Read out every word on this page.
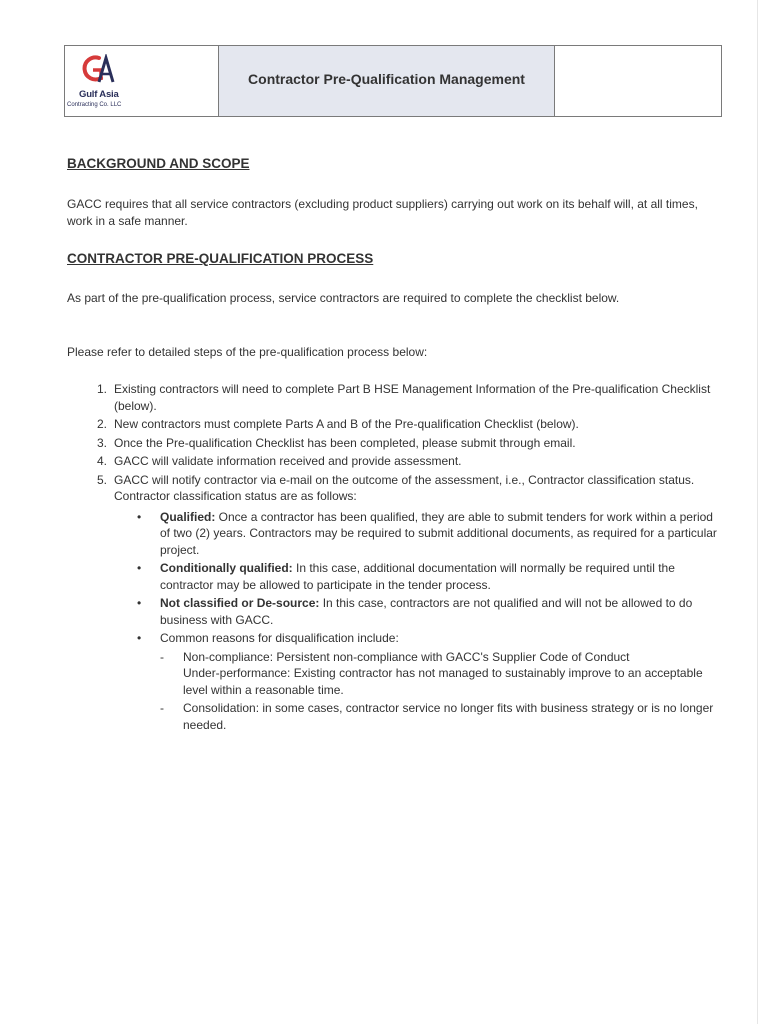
Gulf Asia
Contracting Co. LLC
Contractor Pre-Qualification Management
BACKGROUND AND SCOPE
GACC requires that all service contractors (excluding product suppliers) carrying out work on its behalf will, at all times, work in a safe manner.
CONTRACTOR PRE-QUALIFICATION PROCESS
As part of the pre-qualification process, service contractors are required to complete the checklist below.
Please refer to detailed steps of the pre-qualification process below:
1. Existing contractors will need to complete Part B HSE Management Information of the Pre-qualification Checklist (below).
2. New contractors must complete Parts A and B of the Pre-qualification Checklist (below).
3. Once the Pre-qualification Checklist has been completed, please submit through email.
4. GACC will validate information received and provide assessment.
5. GACC will notify contractor via e-mail on the outcome of the assessment, i.e., Contractor classification status. Contractor classification status are as follows:
• Qualified: Once a contractor has been qualified, they are able to submit tenders for work within a period of two (2) years. Contractors may be required to submit additional documents, as required for a particular project.
• Conditionally qualified: In this case, additional documentation will normally be required until the contractor may be allowed to participate in the tender process.
• Not classified or De-source: In this case, contractors are not qualified and will not be allowed to do business with GACC.
• Common reasons for disqualification include:
- Non-compliance: Persistent non-compliance with GACC's Supplier Code of Conduct
Under-performance: Existing contractor has not managed to sustainably improve to an acceptable level within a reasonable time.
- Consolidation: in some cases, contractor service no longer fits with business strategy or is no longer needed.
